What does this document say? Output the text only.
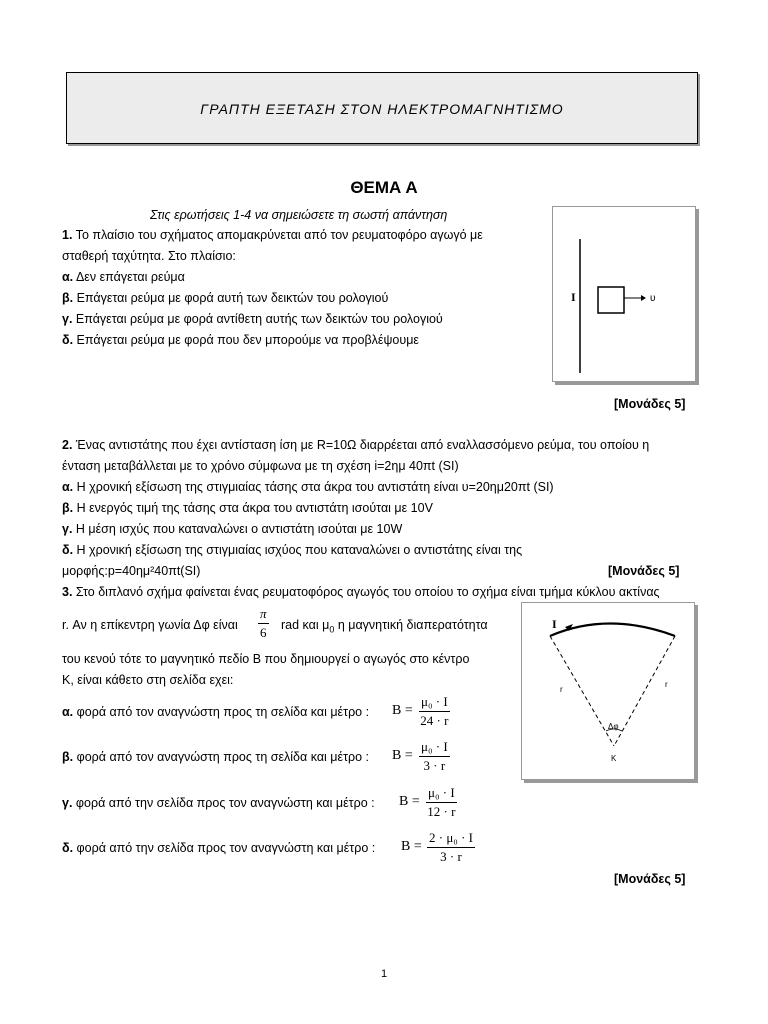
ΓΡΑΠΤΗ ΕΞΕΤΑΣΗ ΣΤΟΝ ΗΛΕΚΤΡΟΜΑΓΝΗΤΙΣΜΟ
ΘΕΜΑ Α
Στις ερωτήσεις 1-4 να σημειώσετε τη σωστή απάντηση
1. Το πλαίσιο του σχήματος απομακρύνεται από τον ρευματοφόρο αγωγό με
σταθερή ταχύτητα. Στο πλαίσιο:
α. Δεν επάγεται ρεύμα
β. Επάγεται ρεύμα με φορά αυτή των δεικτών του ρολογιού
γ. Επάγεται ρεύμα με φορά αντίθετη αυτής των δεικτών του ρολογιού
δ. Επάγεται ρεύμα με φορά που δεν μπορούμε να προβλέψουμε
I	υ
[Μονάδες 5]
2. Ένας αντιστάτης που έχει αντίσταση ίση με R=10Ω διαρρέεται από εναλλασσόμενο ρεύμα, του οποίου η
ένταση μεταβάλλεται με το χρόνο σύμφωνα με τη σχέση i=2ημ 40πt (SI)
α. Η χρονική εξίσωση της στιγμιαίας τάσης στα άκρα του αντιστάτη είναι υ=20ημ20πt (SI)
β. Η ενεργός τιμή της τάσης στα άκρα του αντιστάτη ισούται με 10V
γ. Η μέση ισχύς που καταναλώνει ο αντιστάτη ισούται με 10W
δ. Η χρονική εξίσωση της στιγμιαίας ισχύος που καταναλώνει ο αντιστάτης είναι της
μορφής:p=40ημ²40πt(SI)	[Μονάδες 5]
3. Στο διπλανό σχήμα φαίνεται ένας ρευματοφόρος αγωγός του οποίου το σχήμα είναι τμήμα κύκλου ακτίνας
r. Αν η επίκεντρη γωνία Δφ είναι $\frac{\pi}{6}$ rad και $\mu_0$ η μαγνητική διαπερατότητα
του κενού τότε το μαγνητικό πεδίο Β που δημιουργεί ο αγωγός στο κέντρο
Κ, είναι κάθετο στη σελίδα εχει:
α. φορά από τον αναγνώστη προς τη σελίδα και μέτρο : $B = \frac{\text{μ₀ · I}}{24 \cdot r}$
β. φορά από τον αναγνώστη προς τη σελίδα και μέτρο : $B = \frac{\text{μ₀ · I}}{3 \cdot r}$
γ. φορά από την σελίδα προς τον αναγνώστη και μέτρο : $B = \frac{\text{μ₀ · I}}{12 \cdot r}$
δ. φορά από την σελίδα προς τον αναγνώστη και μέτρο : $B = \frac{\text{2 · μ₀ · I}}{3 \cdot r}$
I
r
r
Δφ
Κ
[Μονάδες 5]
1
